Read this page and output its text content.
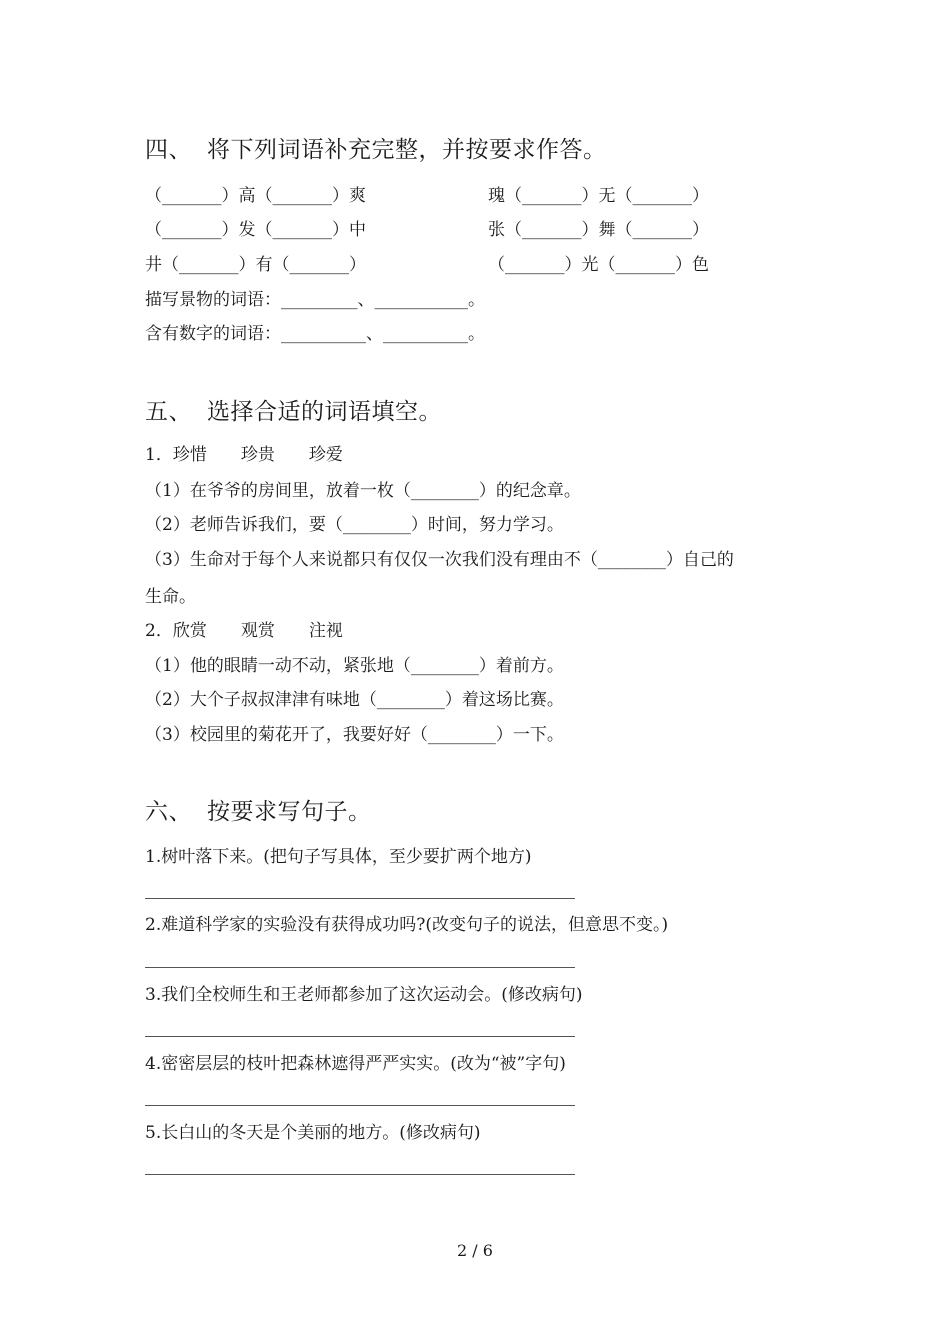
四、 将下列词语补充完整，并按要求作答。
（_______）高（_______）爽	瑰（_______）无（_______）
（_______）发（_______）中	张（_______）舞（_______）
井（_______）有（_______）	（_______）光（_______）色
描写景物的词语：_________、___________。
含有数字的词语：__________、__________。
五、 选择合适的词语填空。
1．珍惜　　珍贵　　珍爱
（1）在爷爷的房间里，放着一枚（________）的纪念章。
（2）老师告诉我们，要（________）时间，努力学习。
（3）生命对于每个人来说都只有仅仅一次我们没有理由不（________）自己的
生命。
2．欣赏　　观赏　　注视
（1）他的眼睛一动不动，紧张地（________）着前方。
（2）大个子叔叔津津有味地（________）着这场比赛。
（3）校园里的菊花开了，我要好好（________）一下。
六、 按要求写句子。
1.树叶落下来。(把句子写具体，至少要扩两个地方)
2.难道科学家的实验没有获得成功吗?(改变句子的说法，但意思不变。)
3.我们全校师生和王老师都参加了这次运动会。(修改病句)
4.密密层层的枝叶把森林遮得严严实实。(改为“被”字句)
5.长白山的冬天是个美丽的地方。(修改病句)
2 / 6
